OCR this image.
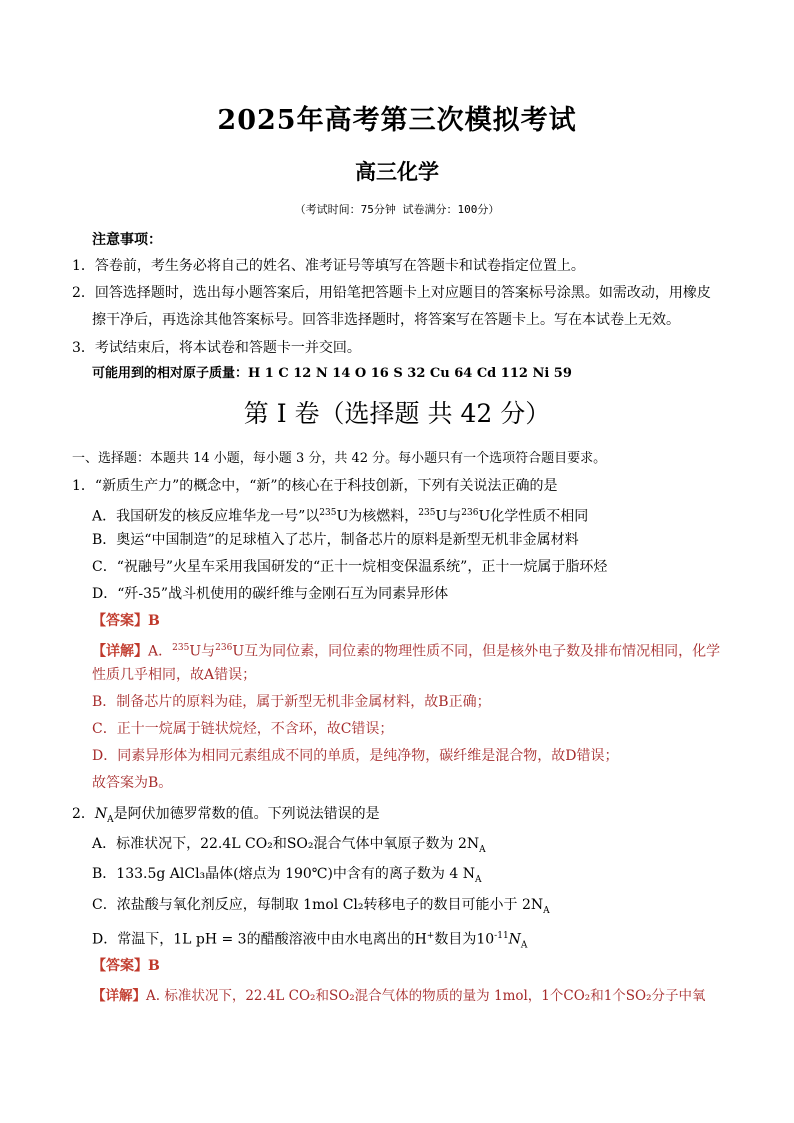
2025年高考第三次模拟考试
高三化学
（考试时间：75分钟 试卷满分：100分）
注意事项：
1．答卷前，考生务必将自己的姓名、准考证号等填写在答题卡和试卷指定位置上。
2．回答选择题时，选出每小题答案后，用铅笔把答题卡上对应题目的答案标号涂黑。如需改动，用橡皮
擦干净后，再选涂其他答案标号。回答非选择题时，将答案写在答题卡上。写在本试卷上无效。
3．考试结束后，将本试卷和答题卡一并交回。
可能用到的相对原子质量：H 1 C 12 N 14 O 16 S 32 Cu 64 Cd 112 Ni 59
第 I 卷（选择题 共 42 分）
一、选择题：本题共 14 小题，每小题 3 分，共 42 分。每小题只有一个选项符合题目要求。
1．“新质生产力”的概念中，“新”的核心在于科技创新，下列有关说法正确的是
A．我国研发的核反应堆华龙一号”以$^{235}$U为核燃料，$^{235}$U与$^{236}$U化学性质不相同
B．奥运“中国制造”的足球植入了芯片，制备芯片的原料是新型无机非金属材料
C．“祝融号”火星车采用我国研发的“正十一烷相变保温系统”，正十一烷属于脂环烃
D．“歼-35”战斗机使用的碳纤维与金刚石互为同素异形体
【答案】B
【详解】A．$^{235}$U与$^{236}$U互为同位素，同位素的物理性质不同，但是核外电子数及排布情况相同，化学
性质几乎相同，故A错误；
B．制备芯片的原料为硅，属于新型无机非金属材料，故B正确；
C．正十一烷属于链状烷烃，不含环，故C错误；
D．同素异形体为相同元素组成不同的单质，是纯净物，碳纤维是混合物，故D错误；
故答案为B。
2．$N_A$是阿伏加德罗常数的值。下列说法错误的是
A．标准状况下，22.4L CO₂和SO₂混合气体中氧原子数为 $2N_A$
B．133.5g AlCl₃晶体(熔点为 190℃)中含有的离子数为 4 $N_A$
C．浓盐酸与氧化剂反应，每制取 1mol Cl₂转移电子的数目可能小于 $2N_A$
D．常温下，1L pH = 3的醋酸溶液中由水电离出的H+数目为$10^{-11}N_A$
【答案】B
【详解】A. 标准状况下，22.4L CO₂和SO₂混合气体的物质的量为 1mol，1个CO₂和1个SO₂分子中氧
